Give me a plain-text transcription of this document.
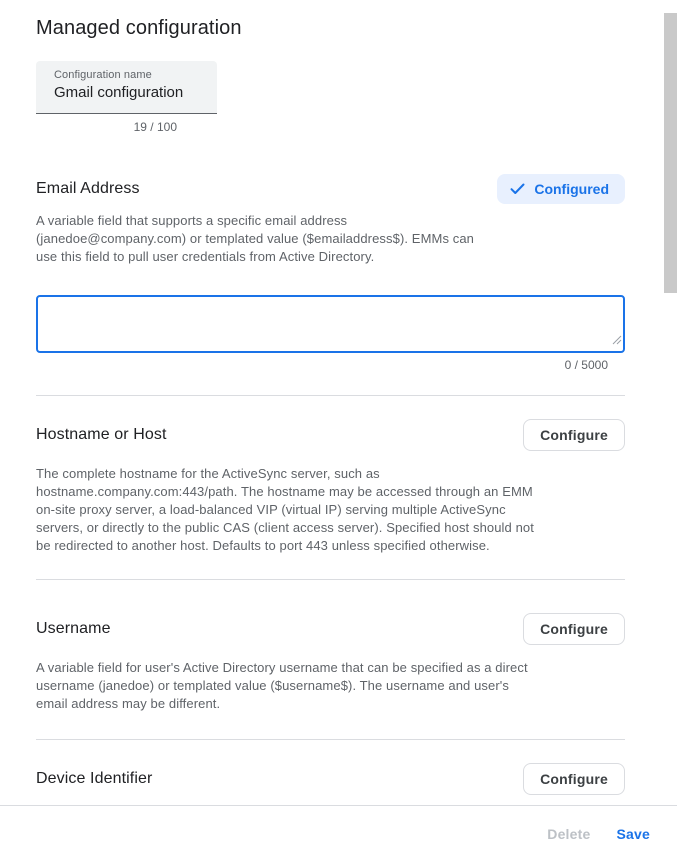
Managed configuration
Configuration name
Gmail configuration
19 / 100
Email Address	Configured

A variable field that supports a specific email address (janedoe@company.com) or templated value ($emailaddress$). EMMs can use this field to pull user credentials from Active Directory.

0 / 5000
Hostname or Host	Configure

The complete hostname for the ActiveSync server, such as hostname.company.com:443/path. The hostname may be accessed through an EMM on-site proxy server, a load-balanced VIP (virtual IP) serving multiple ActiveSync servers, or directly to the public CAS (client access server). Specified host should not be redirected to another host. Defaults to port 443 unless specified otherwise.

Username	Configure

A variable field for user's Active Directory username that can be specified as a direct username (janedoe) or templated value ($username$). The username and user's email address may be different.

Device Identifier	Configure
Delete	Save
